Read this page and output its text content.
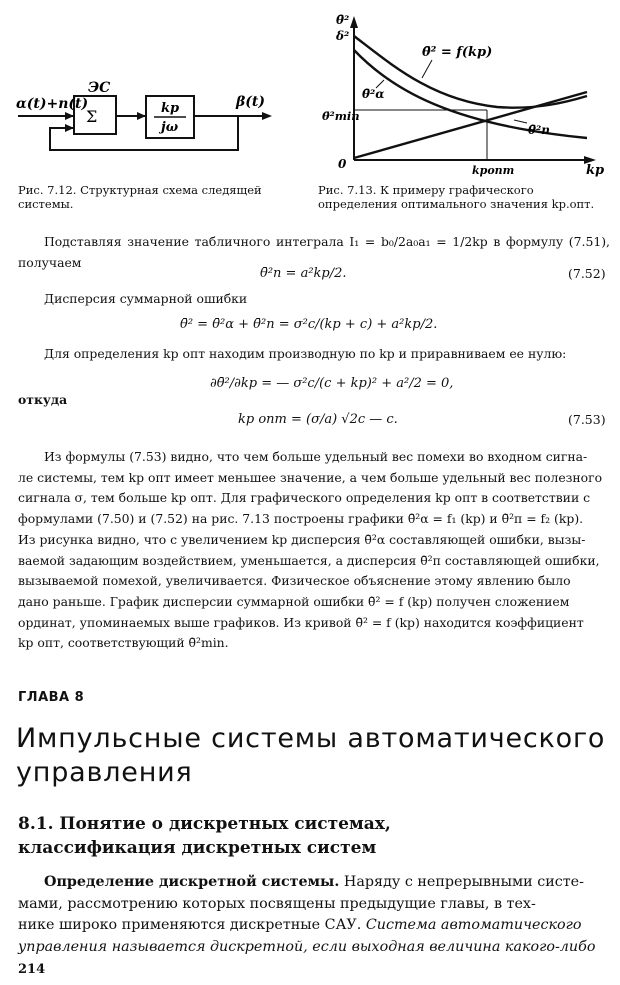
α(t)+n(t)
ЭС
Σ	kp
jω
β(t)
Рис. 7.12. Структурная схема следящей системы.
θ̄²
δ²
θ̄²min
0	kp
kpопт
θ̄² = f(kp)
θ̄²α
θ̄²п
Рис. 7.13. К примеру графического определения оптимального значения kp.опт.
Подставляя значение табличного интеграла I₁ = b₀/2a₀a₁ = 1/2kp в формулу (7.51), получаем
θ̄²п = a²kp/2.	(7.52)
Дисперсия суммарной ошибки
θ̄² = θ̄²α + θ̄²п = σ²c/(kp + c) + a²kp/2.
Для определения kp опт находим производную по kp и приравниваем ее нулю:
∂θ̄²/∂kp = — σ²c/(c + kp)² + a²/2 = 0,
откуда
kp опт = (σ/a) √2c — c.	(7.53)
Из формулы (7.53) видно, что чем больше удельный вес помехи во входном сигна-
ле системы, тем kp опт имеет меньшее значение, а чем больше удельный вес полезного
сигнала σ, тем больше kp опт. Для графического определения kp опт в соответствии с
формулами (7.50) и (7.52) на рис. 7.13 построены графики θ̄²α = f₁ (kp) и θ̄²п = f₂ (kp).
Из рисунка видно, что с увеличением kp дисперсия θ̄²α составляющей ошибки, вызы-
ваемой задающим воздействием, уменьшается, а дисперсия θ̄²п составляющей ошибки,
вызываемой помехой, увеличивается. Физическое объяснение этому явлению было
дано раньше. График дисперсии суммарной ошибки θ̄² = f (kp) получен сложением
ординат, упоминаемых выше графиков. Из кривой θ̄² = f (kp) находится коэффициент
kp опт, соответствующий θ̄²min.
ГЛАВА 8
Импульсные системы автоматического
управления
8.1. Понятие о дискретных системах,
классификация дискретных систем
Определение дискретной системы. Наряду с непрерывными систе-
мами, рассмотрению которых посвящены предыдущие главы, в тех-
нике широко применяются дискретные САУ. Система автоматического
управления называется дискретной, если выходная величина какого-либо
214
